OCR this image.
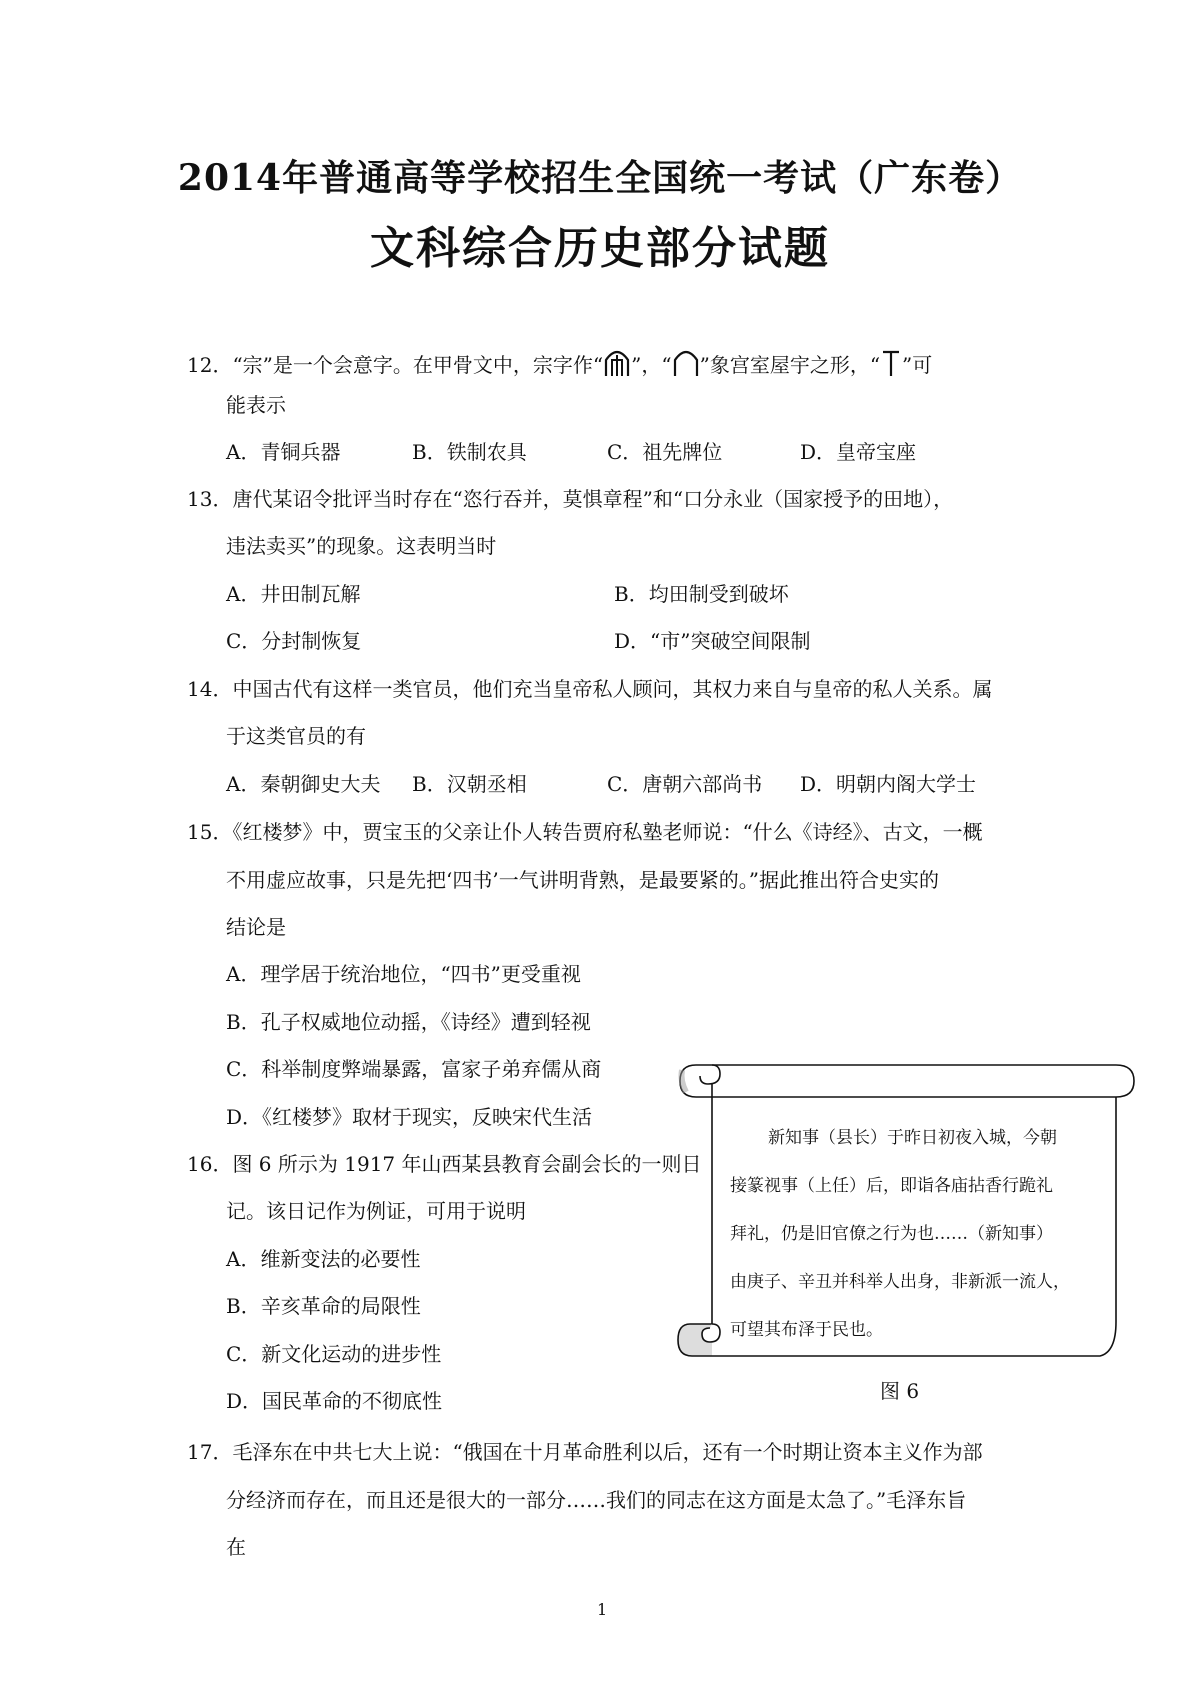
2014年普通高等学校招生全国统一考试（广东卷）
文科综合历史部分试题
12．“宗”是一个会意字。在甲骨文中，宗字作“ ”，“ ”象宫室屋宇之形，“ ”可
能表示
A．青铜兵器	B．铁制农具	C．祖先牌位	D．皇帝宝座
13．唐代某诏令批评当时存在“恣行吞并，莫惧章程”和“口分永业（国家授予的田地），
违法卖买”的现象。这表明当时
A．井田制瓦解	B．均田制受到破坏
C．分封制恢复	D．“市”突破空间限制
14．中国古代有这样一类官员，他们充当皇帝私人顾问，其权力来自与皇帝的私人关系。属
于这类官员的有
A．秦朝御史大夫 B．汉朝丞相	C．唐朝六部尚书 D．明朝内阁大学士
15．《红楼梦》中，贾宝玉的父亲让仆人转告贾府私塾老师说：“什么《诗经》、古文，一概
不用虚应故事，只是先把‘四书’一气讲明背熟，是最要紧的。”据此推出符合史实的
结论是
A．理学居于统治地位，“四书”更受重视
B．孔子权威地位动摇，《诗经》遭到轻视
C．科举制度弊端暴露，富家子弟弃儒从商
D．《红楼梦》取材于现实，反映宋代生活
16．图 6 所示为 1917 年山西某县教育会副会长的一则日
记。该日记作为例证，可用于说明
A．维新变法的必要性
B．辛亥革命的局限性
C．新文化运动的进步性
D．国民革命的不彻底性
新知事（县长）于昨日初夜入城，今朝
接篆视事（上任）后，即诣各庙拈香行跪礼
拜礼，仍是旧官僚之行为也……（新知事）
由庚子、辛丑并科举人出身，非新派一流人，
可望其布泽于民也。
图 6
17．毛泽东在中共七大上说：“俄国在十月革命胜利以后，还有一个时期让资本主义作为部
分经济而存在，而且还是很大的一部分……我们的同志在这方面是太急了。”毛泽东旨
在
1
